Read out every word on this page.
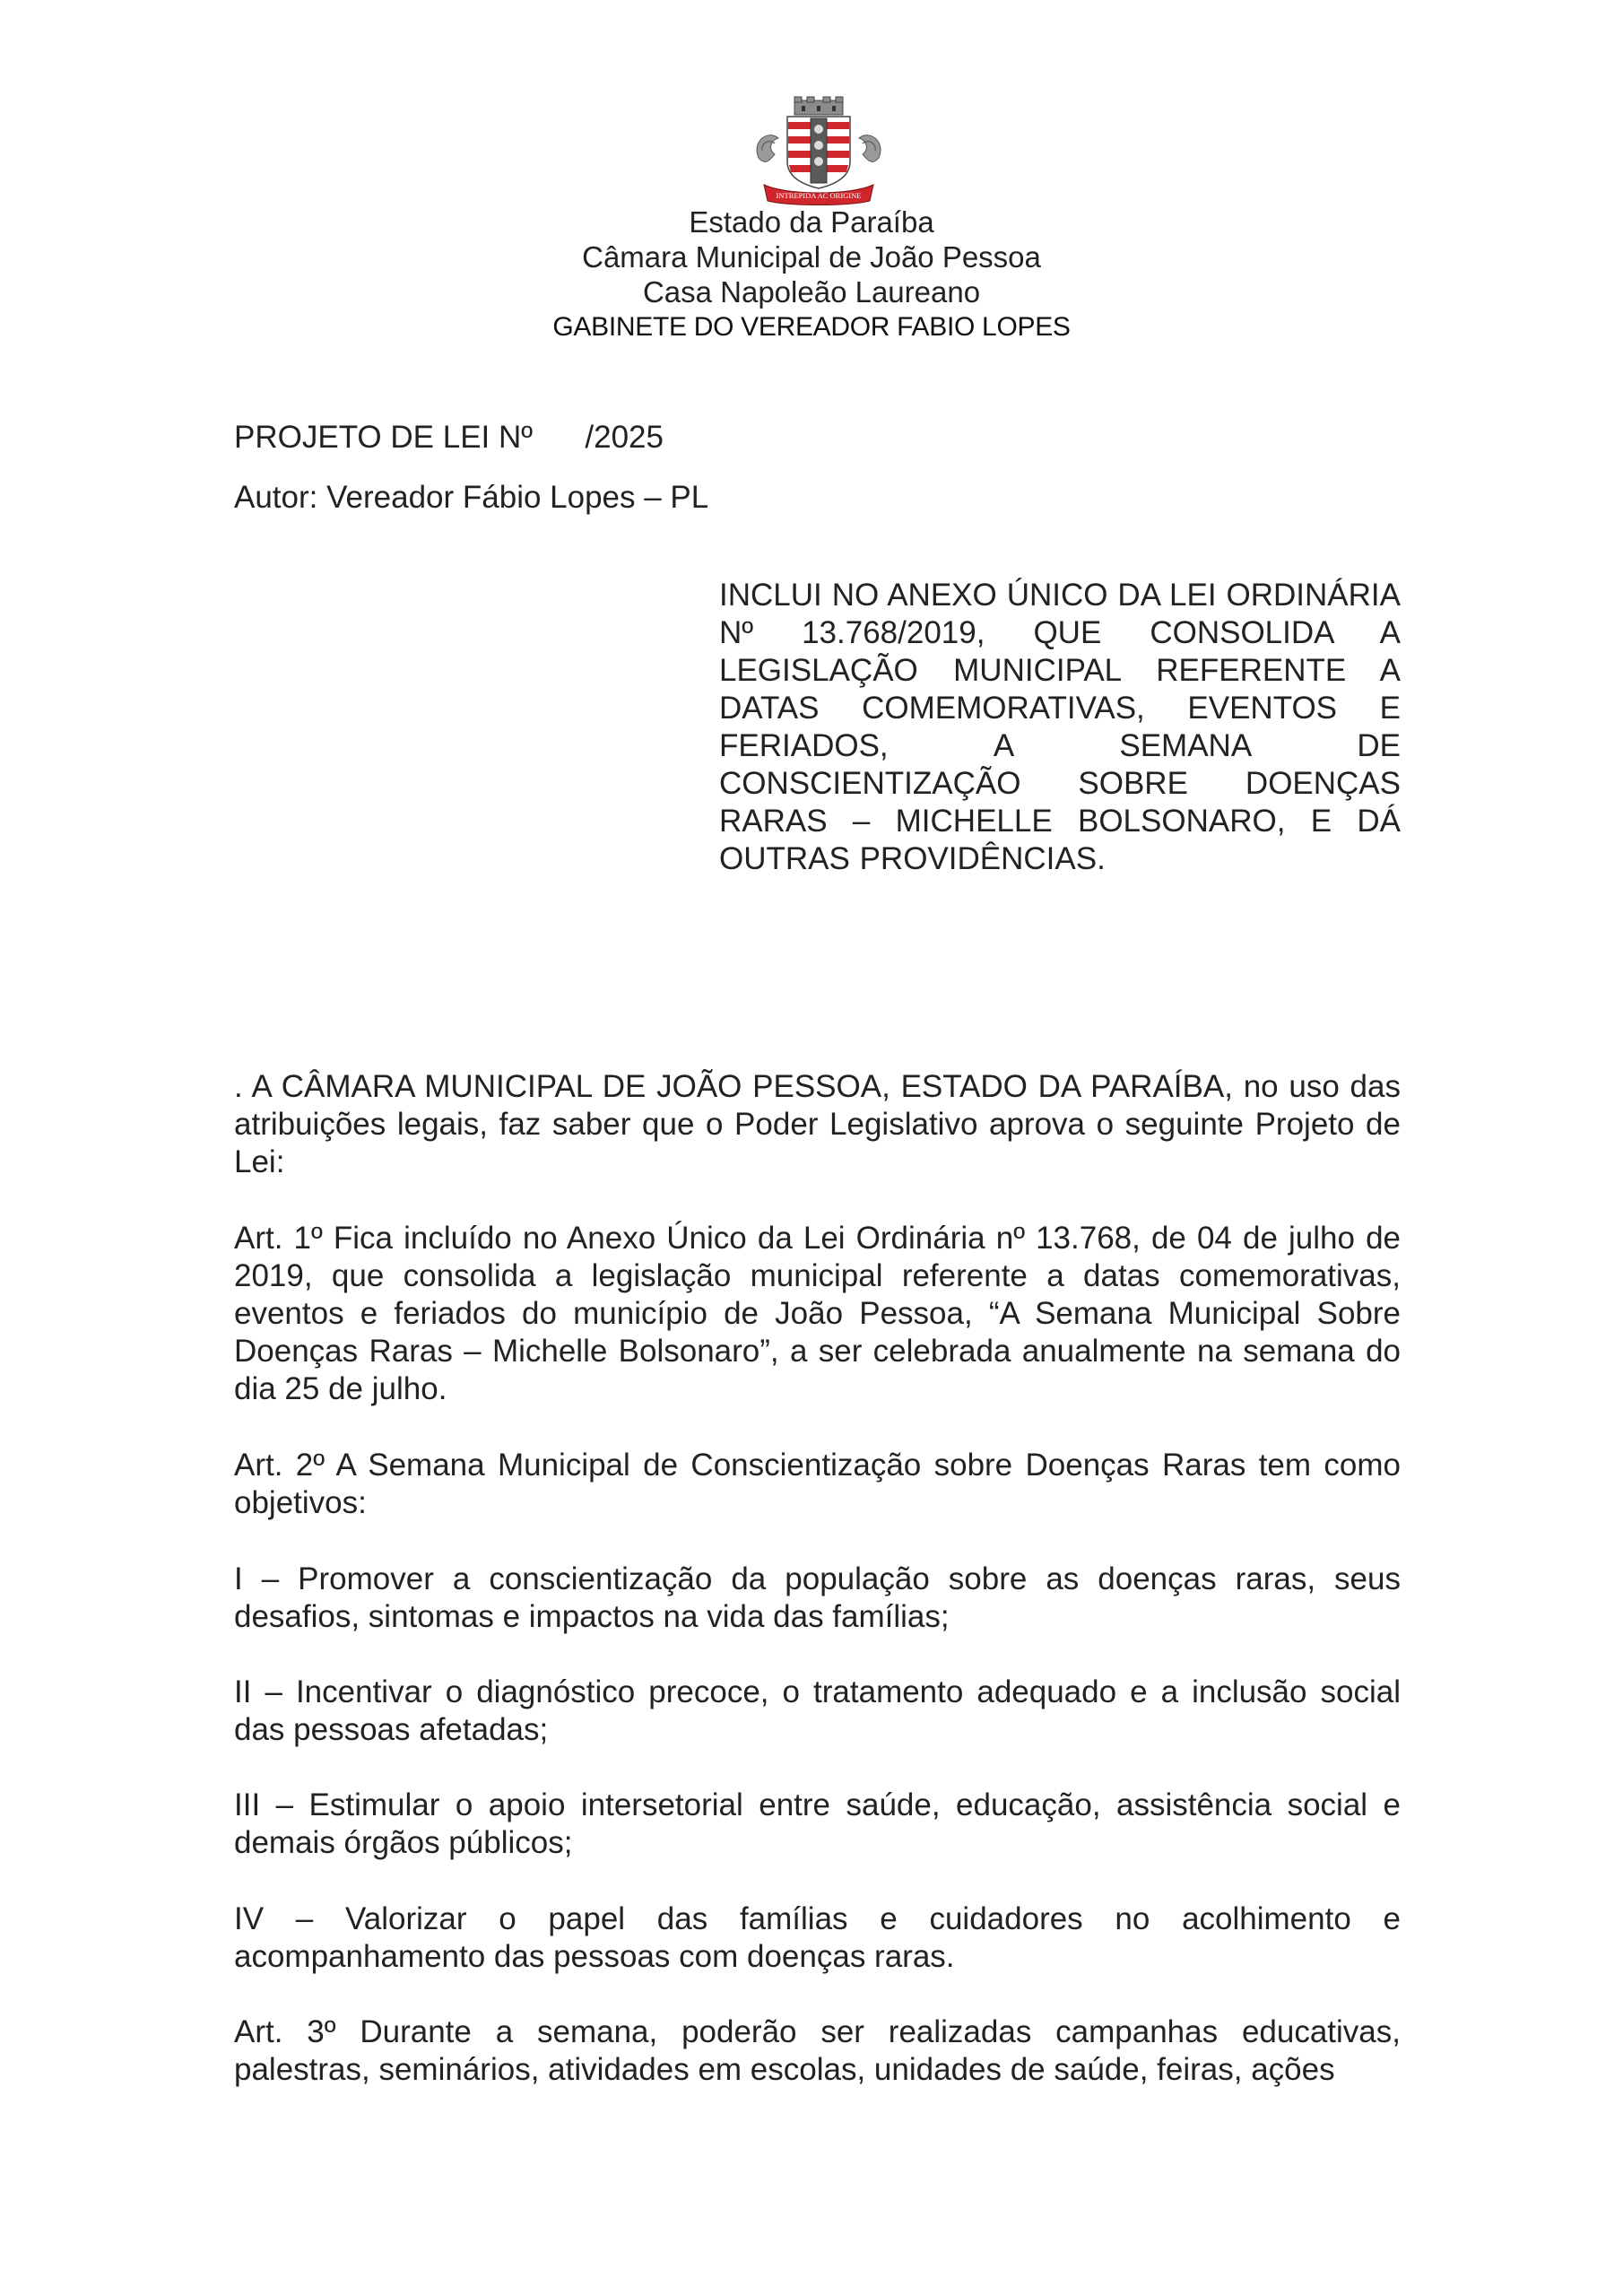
INTREPIDA AC ORIGINE
Estado da Paraíba
Câmara Municipal de João Pessoa
Casa Napoleão Laureano
GABINETE DO VEREADOR FABIO LOPES
PROJETO DE LEI Nº      /2025
Autor: Vereador Fábio Lopes – PL
INCLUI NO ANEXO ÚNICO DA LEI ORDINÁRIA Nº 13.768/2019, QUE CONSOLIDA A LEGISLAÇÃO MUNICIPAL REFERENTE A DATAS COMEMORATIVAS, EVENTOS E FERIADOS, A SEMANA DE CONSCIENTIZAÇÃO SOBRE DOENÇAS RARAS – MICHELLE BOLSONARO, E DÁ OUTRAS PROVIDÊNCIAS.
. A CÂMARA MUNICIPAL DE JOÃO PESSOA, ESTADO DA PARAÍBA, no uso das atribuições legais, faz saber que o Poder Legislativo aprova o seguinte Projeto de Lei:
Art. 1º Fica incluído no Anexo Único da Lei Ordinária nº 13.768, de 04 de julho de 2019, que consolida a legislação municipal referente a datas comemorativas, eventos e feriados do município de João Pessoa, “A Semana Municipal Sobre Doenças Raras – Michelle Bolsonaro”, a ser celebrada anualmente na semana do dia 25 de julho.
Art. 2º A Semana Municipal de Conscientização sobre Doenças Raras tem como objetivos:
I – Promover a conscientização da população sobre as doenças raras, seus desafios, sintomas e impactos na vida das famílias;
II – Incentivar o diagnóstico precoce, o tratamento adequado e a inclusão social das pessoas afetadas;
III – Estimular o apoio intersetorial entre saúde, educação, assistência social e demais órgãos públicos;
IV – Valorizar o papel das famílias e cuidadores no acolhimento e acompanhamento das pessoas com doenças raras.
Art. 3º Durante a semana, poderão ser realizadas campanhas educativas, palestras, seminários, atividades em escolas, unidades de saúde, feiras, ações
